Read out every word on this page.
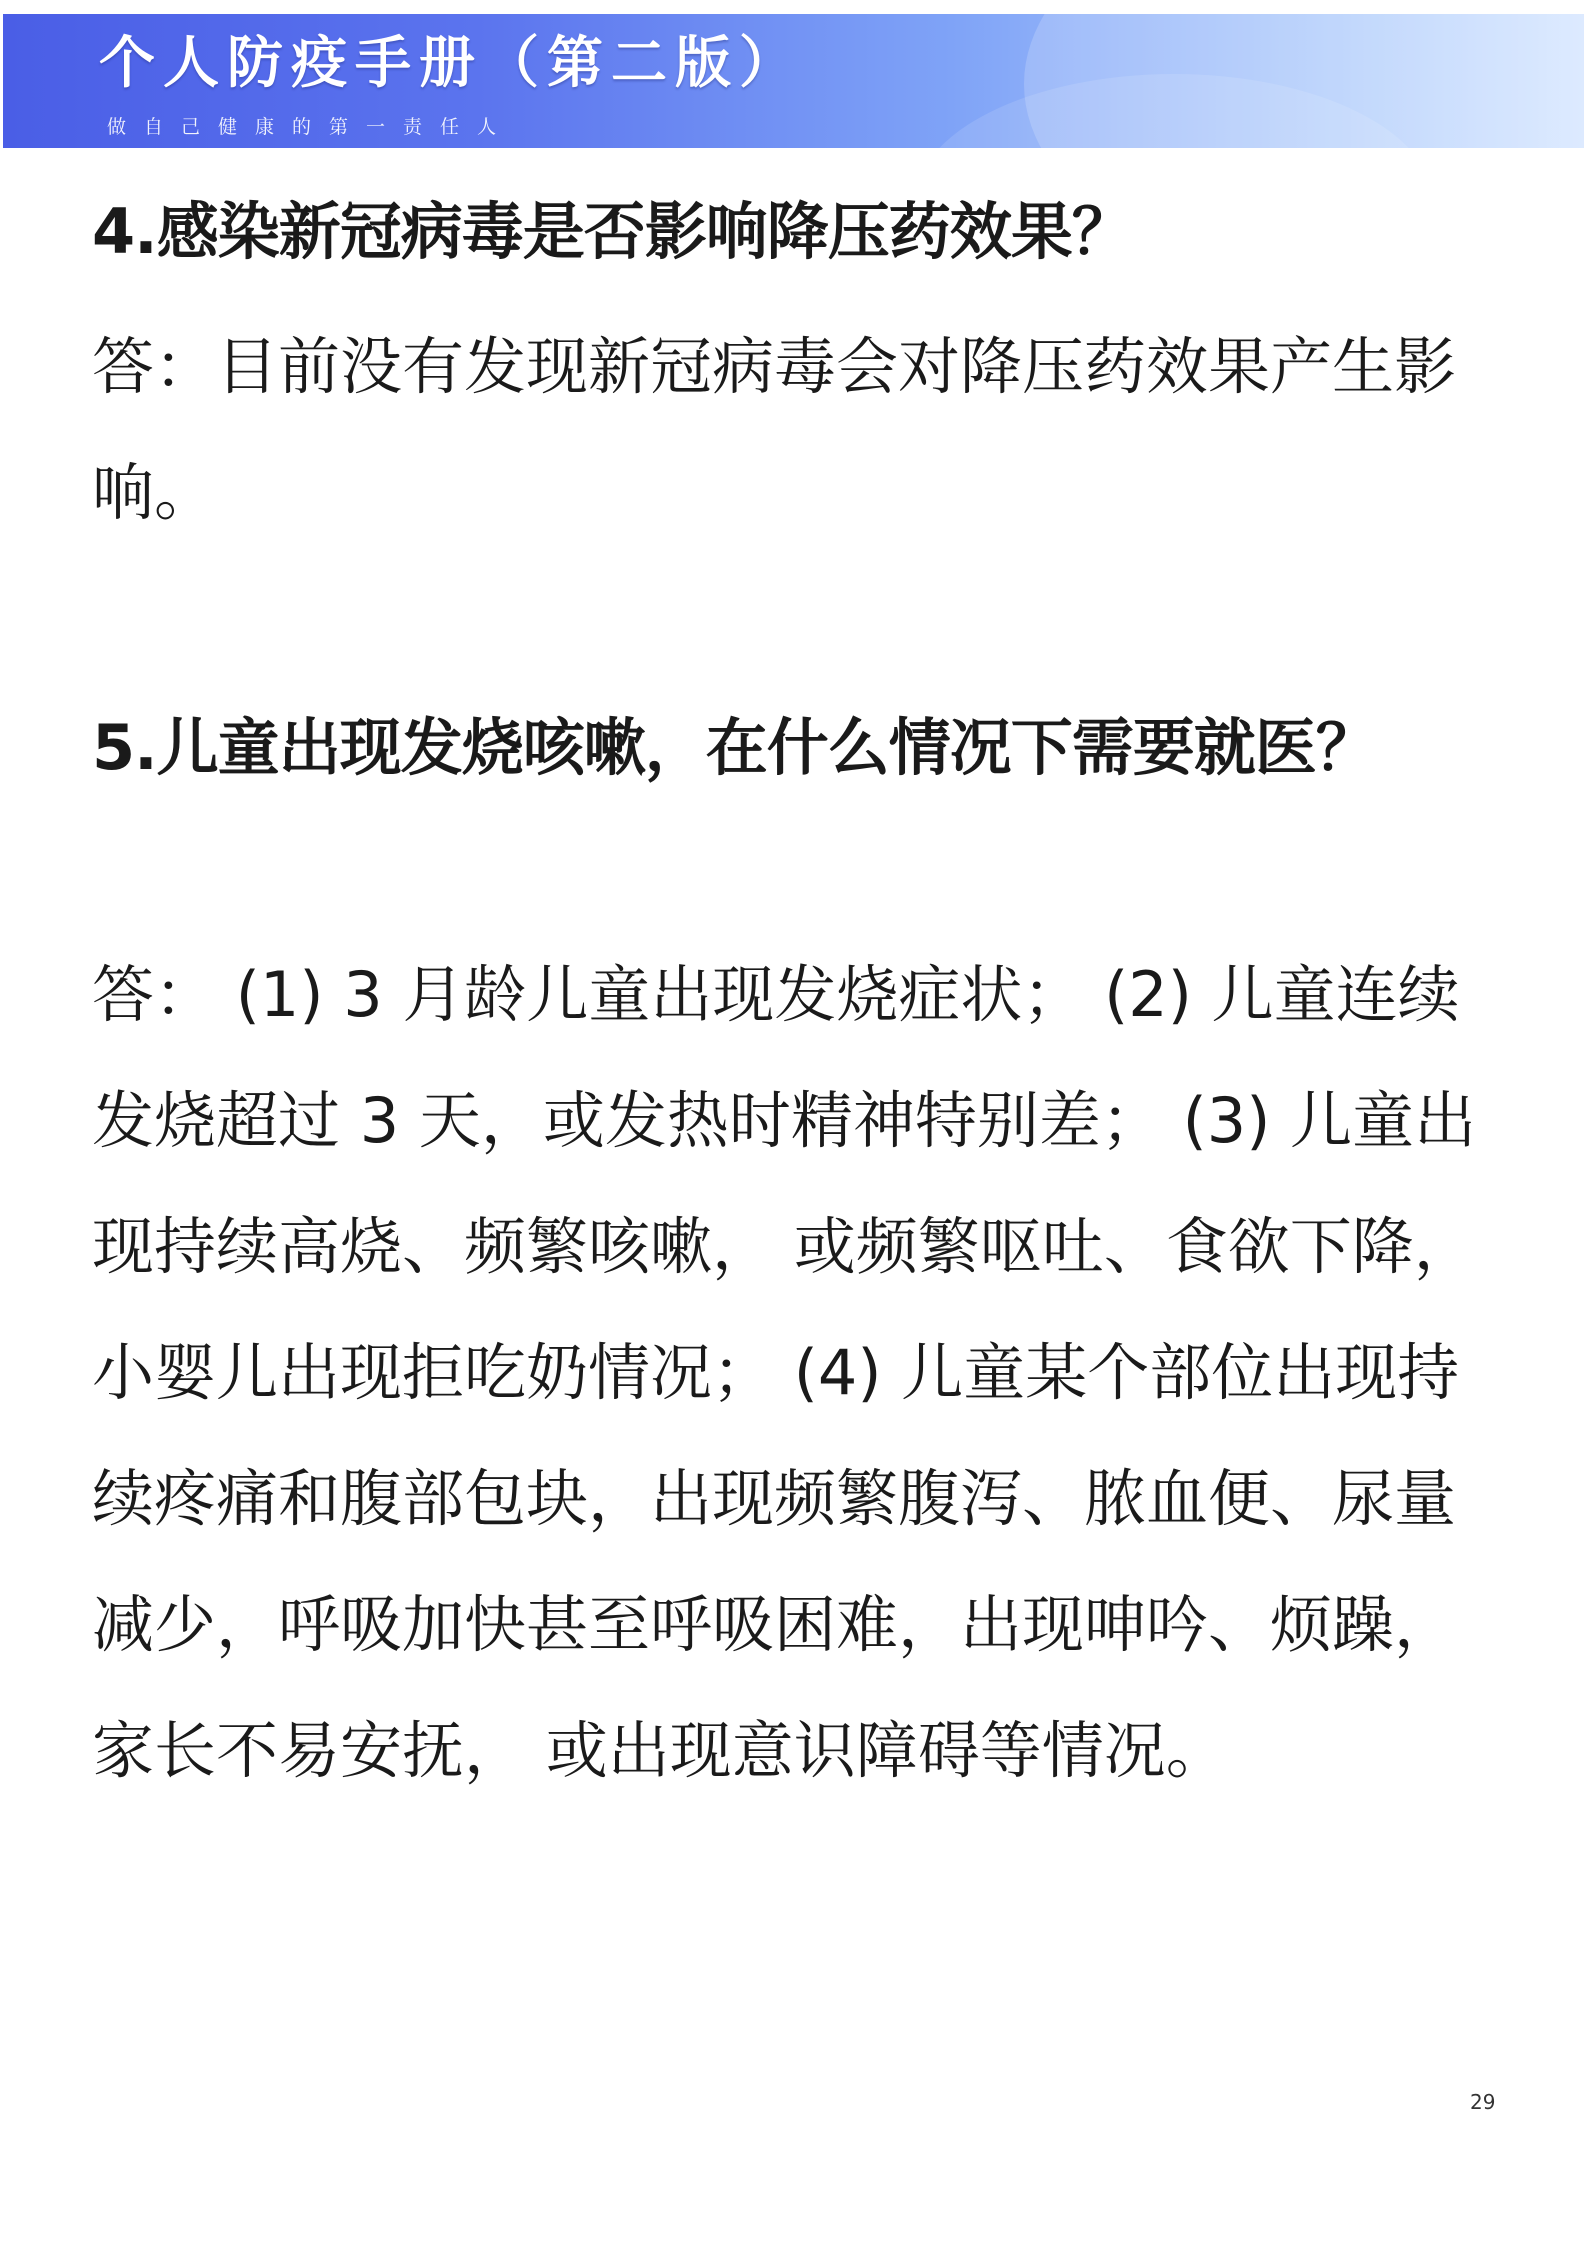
个人防疫手册（第二版）
做自己健康的第一责任人

4.感染新冠病毒是否影响降压药效果？

答：目前没有发现新冠病毒会对降压药效果产生影响。

5.儿童出现发烧咳嗽，在什么情况下需要就医？

答： (1) 3 月龄儿童出现发烧症状； (2) 儿童连续发烧超过 3 天，或发热时精神特别差； (3) 儿童出现持续高烧、频繁咳嗽， 或频繁呕吐、食欲下降， 小婴儿出现拒吃奶情况； (4) 儿童某个部位出现持续疼痛和腹部包块，出现频繁腹泻、脓血便、尿量减少，呼吸加快甚至呼吸困难，出现呻吟、烦躁，家长不易安抚， 或出现意识障碍等情况。

29
